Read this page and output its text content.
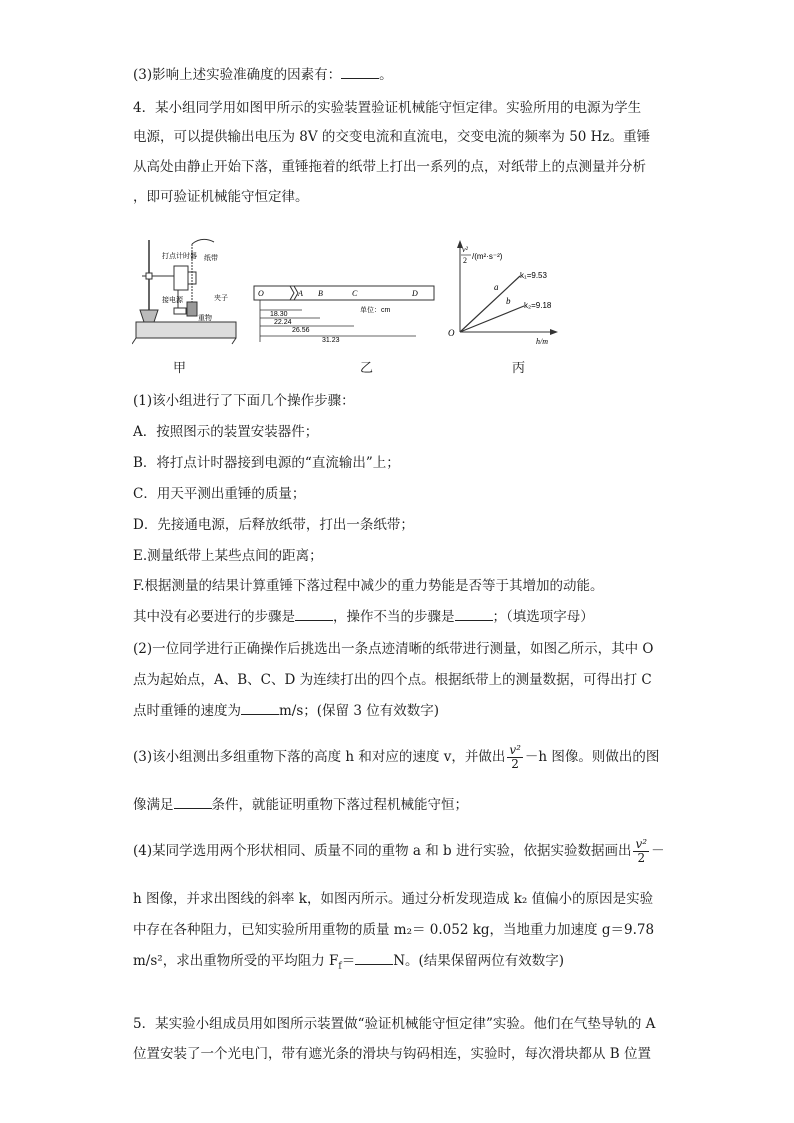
(3)影响上述实验准确度的因素有：	。
4．某小组同学用如图甲所示的实验装置验证机械能守恒定律。实验所用的电源为学生
电源，可以提供输出电压为 8V 的交变电流和直流电，交变电流的频率为 50 Hz。重锤
从高处由静止开始下落，重锤拖着的纸带上打出一系列的点，对纸带上的点测量并分析
，即可验证机械能守恒定律。
打点计时器 纸带
夹子
接电源
重物
甲
O	A B	C	D
单位：cm
18.30
22.24
26.56
31.23
乙
v²
2 /(m²·s⁻²)
k₁=9.53
k₂=9.18
a
b
O
h/m
丙
(1)该小组进行了下面几个操作步骤：
A．按照图示的装置安装器件；
B．将打点计时器接到电源的“直流输出”上；
C．用天平测出重锤的质量；
D．先接通电源，后释放纸带，打出一条纸带；
E.测量纸带上某些点间的距离；
F.根据测量的结果计算重锤下落过程中减少的重力势能是否等于其增加的动能。
其中没有必要进行的步骤是	，操作不当的步骤是	；（填选项字母）
(2)一位同学进行正确操作后挑选出一条点迹清晰的纸带进行测量，如图乙所示，其中 O
点为起始点，A、B、C、D 为连续打出的四个点。根据纸带上的测量数据，可得出打 C
点时重锤的速度为	m/s；(保留 3 位有效数字)
(3)该小组测出多组重物下落的高度 h 和对应的速度 v，并做出 $\frac{\text{v²}}{2} -h$ 图像。则做出的图
像满足	条件，就能证明重物下落过程机械能守恒；
(4)某同学选用两个形状相同、质量不同的重物 a 和 b 进行实验，依据实验数据画出 $\frac{\text{v²}}{2}$ －
h 图像，并求出图线的斜率 k，如图丙所示。通过分析发现造成 k₂ 值偏小的原因是实验
中存在各种阻力，已知实验所用重物的质量 m₂＝ 0.052 kg，当地重力加速度 g＝9.78
m/s²，求出重物所受的平均阻力 $F_f=$	N。(结果保留两位有效数字)
5．某实验小组成员用如图所示装置做“验证机械能守恒定律”实验。他们在气垫导轨的 A
位置安装了一个光电门，带有遮光条的滑块与钩码相连，实验时，每次滑块都从 B 位置
